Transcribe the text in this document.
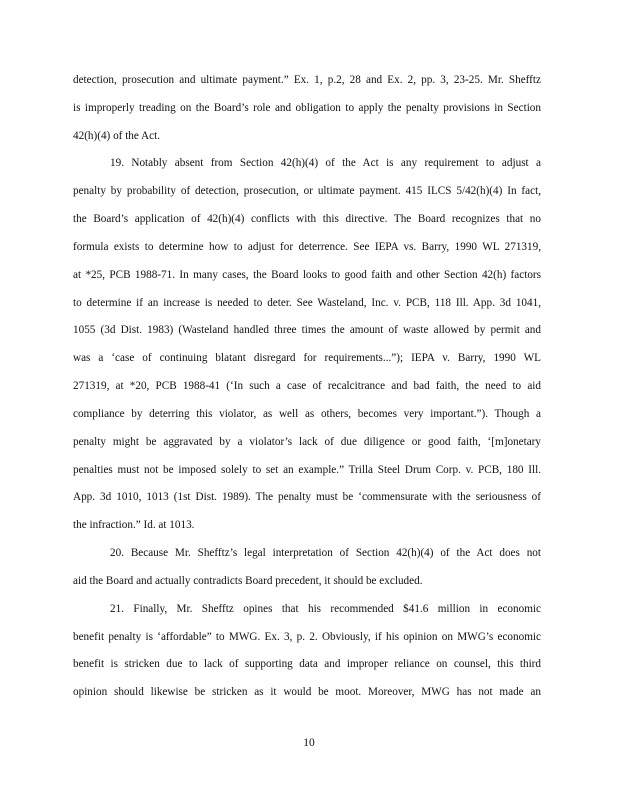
detection, prosecution and ultimate payment.” Ex. 1, p.2, 28 and Ex. 2, pp. 3, 23-25. Mr. Shefftz
is improperly treading on the Board’s role and obligation to apply the penalty provisions in Section
42(h)(4) of the Act.
19. Notably absent from Section 42(h)(4) of the Act is any requirement to adjust a
penalty by probability of detection, prosecution, or ultimate payment. 415 ILCS 5/42(h)(4) In fact,
the Board’s application of 42(h)(4) conflicts with this directive. The Board recognizes that no
formula exists to determine how to adjust for deterrence. See IEPA vs. Barry, 1990 WL 271319,
at *25, PCB 1988-71. In many cases, the Board looks to good faith and other Section 42(h) factors
to determine if an increase is needed to deter. See Wasteland, Inc. v. PCB, 118 Ill. App. 3d 1041,
1055 (3d Dist. 1983) (Wasteland handled three times the amount of waste allowed by permit and
was a ‘case of continuing blatant disregard for requirements...”); IEPA v. Barry, 1990 WL
271319, at *20, PCB 1988-41 (‘In such a case of recalcitrance and bad faith, the need to aid
compliance by deterring this violator, as well as others, becomes very important.”). Though a
penalty might be aggravated by a violator’s lack of due diligence or good faith, ‘[m]onetary
penalties must not be imposed solely to set an example.” Trilla Steel Drum Corp. v. PCB, 180 Ill.
App. 3d 1010, 1013 (1st Dist. 1989). The penalty must be ‘commensurate with the seriousness of
the infraction.” Id. at 1013.
20. Because Mr. Shefftz’s legal interpretation of Section 42(h)(4) of the Act does not
aid the Board and actually contradicts Board precedent, it should be excluded.
21. Finally, Mr. Shefftz opines that his recommended $41.6 million in economic
benefit penalty is ‘affordable” to MWG. Ex. 3, p. 2. Obviously, if his opinion on MWG’s economic
benefit is stricken due to lack of supporting data and improper reliance on counsel, this third
opinion should likewise be stricken as it would be moot. Moreover, MWG has not made an
10
